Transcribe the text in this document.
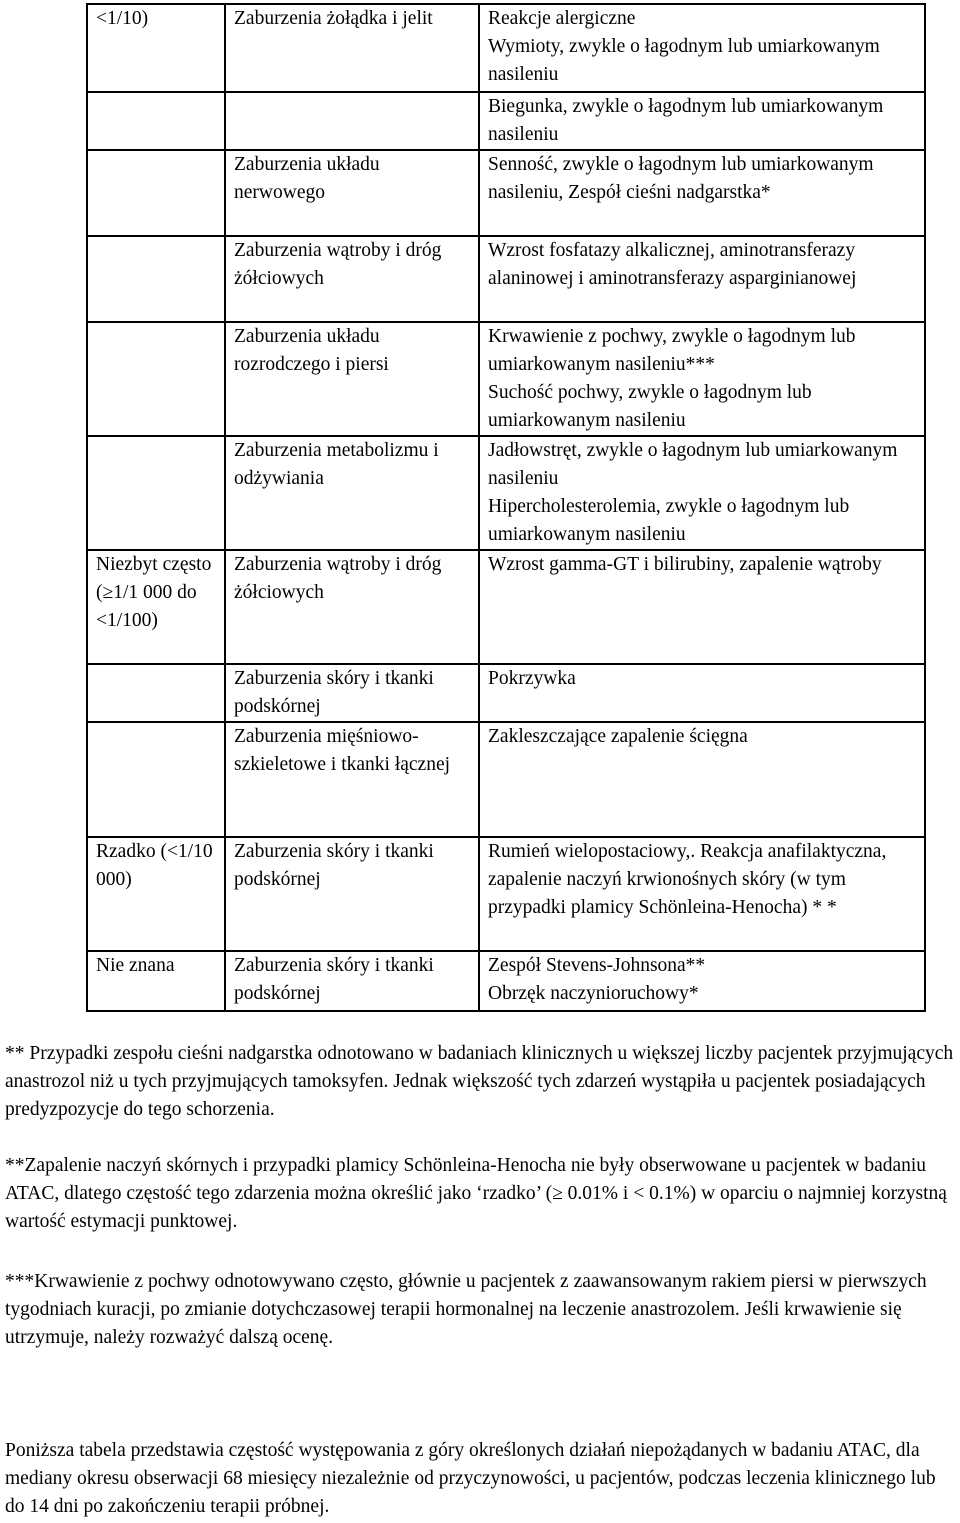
<1/10)	Zaburzenia żołądka i jelit	Reakcje alergiczne
Wymioty, zwykle o łagodnym lub umiarkowanym nasileniu

		Biegunka, zwykle o łagodnym lub umiarkowanym nasileniu

	Zaburzenia układu nerwowego	Senność, zwykle o łagodnym lub umiarkowanym nasileniu, Zespół cieśni nadgarstka*

	Zaburzenia wątroby i dróg żółciowych	Wzrost fosfatazy alkalicznej, aminotransferazy alaninowej i aminotransferazy asparginianowej

	Zaburzenia układu rozrodczego i piersi	Krwawienie z pochwy, zwykle o łagodnym lub umiarkowanym nasileniu***
Suchość pochwy, zwykle o łagodnym lub umiarkowanym nasileniu

	Zaburzenia metabolizmu i odżywiania	Jadłowstręt, zwykle o łagodnym lub umiarkowanym nasileniu
Hipercholesterolemia, zwykle o łagodnym lub umiarkowanym nasileniu

Niezbyt często (≥1/1 000 do <1/100)	Zaburzenia wątroby i dróg żółciowych	Wzrost gamma-GT i bilirubiny, zapalenie wątroby

	Zaburzenia skóry i tkanki podskórnej	Pokrzywka

	Zaburzenia mięśniowo-szkieletowe i tkanki łącznej	Zakleszczające zapalenie ścięgna

Rzadko (<1/10 000)	Zaburzenia skóry i tkanki podskórnej	Rumień wielopostaciowy,. Reakcja anafilaktyczna, zapalenie naczyń krwionośnych skóry (w tym przypadki plamicy Schönleina-Henocha) * *

Nie znana	Zaburzenia skóry i tkanki podskórnej	Zespół Stevens-Johnsona**
Obrzęk naczynioruchowy*

** Przypadki zespołu cieśni nadgarstka odnotowano w badaniach klinicznych u większej liczby pacjentek przyjmujących anastrozol niż u tych przyjmujących tamoksyfen. Jednak większość tych zdarzeń wystąpiła u pacjentek posiadających predyzpozycje do tego schorzenia.

**Zapalenie naczyń skórnych i przypadki plamicy Schönleina-Henocha nie były obserwowane u pacjentek w badaniu ATAC, dlatego częstość tego zdarzenia można określić jako ‘rzadko’ (≥ 0.01% i < 0.1%) w oparciu o najmniej korzystną wartość estymacji punktowej.

***Krwawienie z pochwy odnotowywano często, głównie u pacjentek z zaawansowanym rakiem piersi w pierwszych tygodniach kuracji, po zmianie dotychczasowej terapii hormonalnej na leczenie anastrozolem. Jeśli krwawienie się utrzymuje, należy rozważyć dalszą ocenę.

Poniższa tabela przedstawia częstość występowania z góry określonych działań niepożądanych w badaniu ATAC, dla mediany okresu obserwacji 68 miesięcy niezależnie od przyczynowości, u pacjentów, podczas leczenia klinicznego lub do 14 dni po zakończeniu terapii próbnej.
